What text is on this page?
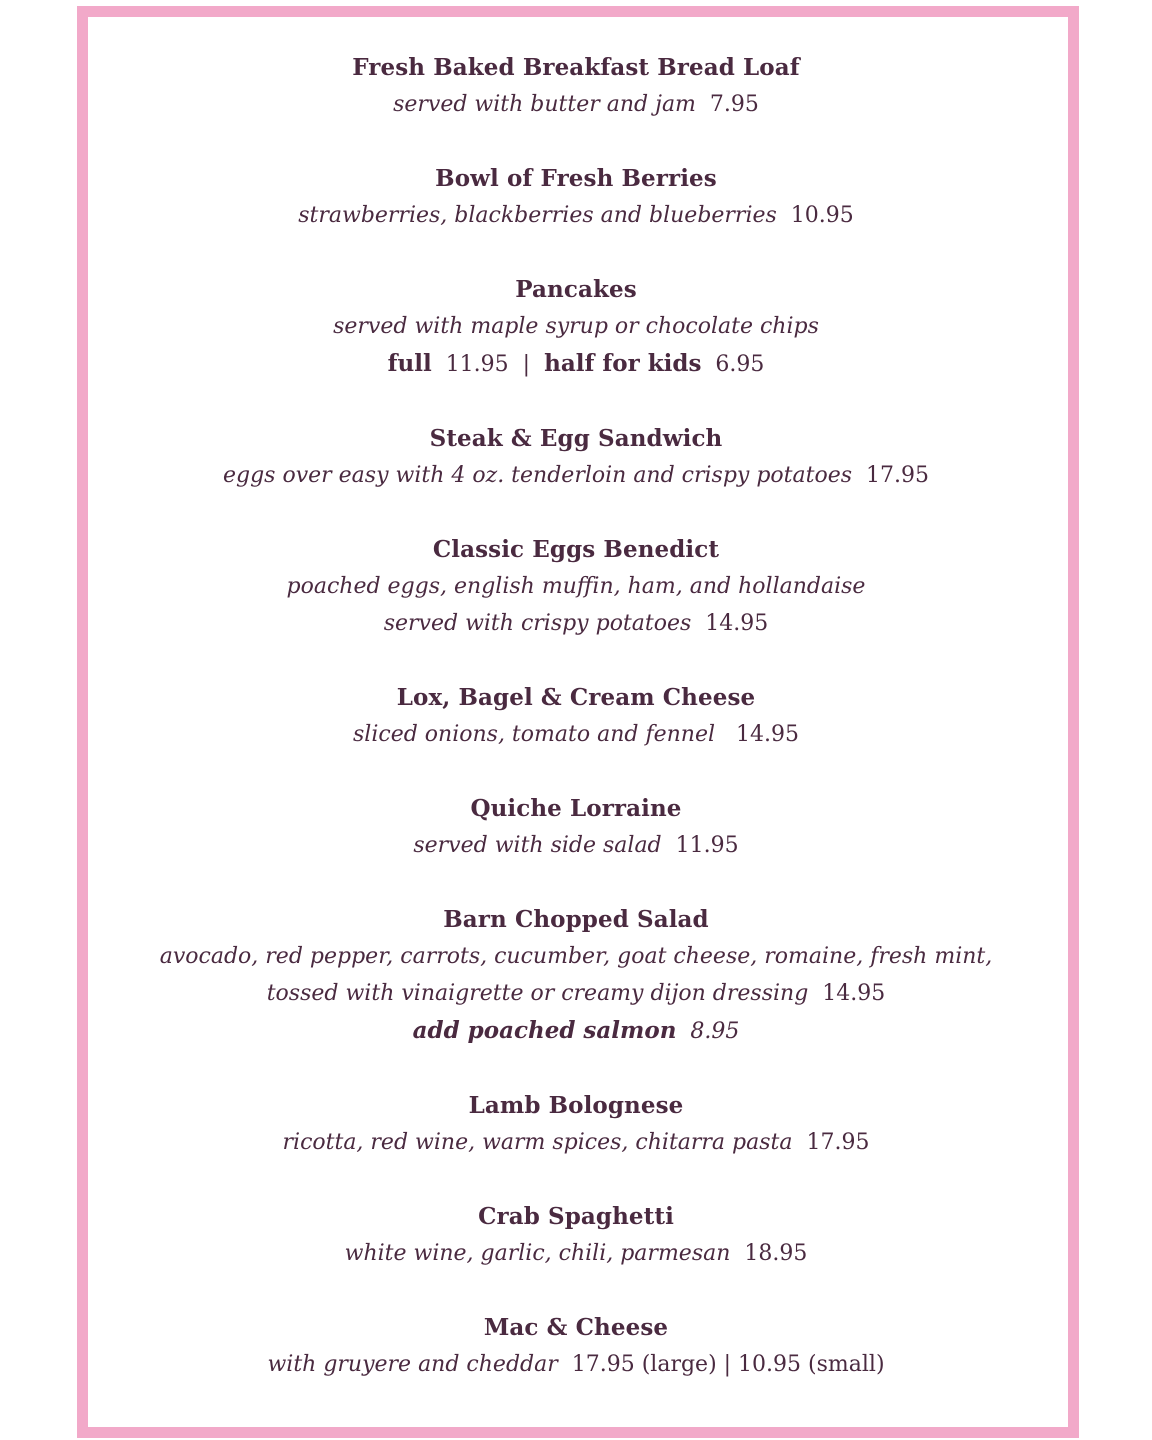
Fresh Baked Breakfast Bread Loaf
served with butter and jam 7.95
Bowl of Fresh Berries
strawberries, blackberries and blueberries 10.95
Pancakes
served with maple syrup or chocolate chips
full 11.95 | half for kids 6.95
Steak & Egg Sandwich
eggs over easy with 4 oz. tenderloin and crispy potatoes 17.95
Classic Eggs Benedict
poached eggs, english muffin, ham, and hollandaise
served with crispy potatoes 14.95
Lox, Bagel & Cream Cheese
sliced onions, tomato and fennel 14.95
Quiche Lorraine
served with side salad 11.95
Barn Chopped Salad
avocado, red pepper, carrots, cucumber, goat cheese, romaine, fresh mint,
tossed with vinaigrette or creamy dijon dressing 14.95
add poached salmon 8.95
Lamb Bolognese
ricotta, red wine, warm spices, chitarra pasta 17.95
Crab Spaghetti
white wine, garlic, chili, parmesan 18.95
Mac & Cheese
with gruyere and cheddar 17.95 (large) | 10.95 (small)
